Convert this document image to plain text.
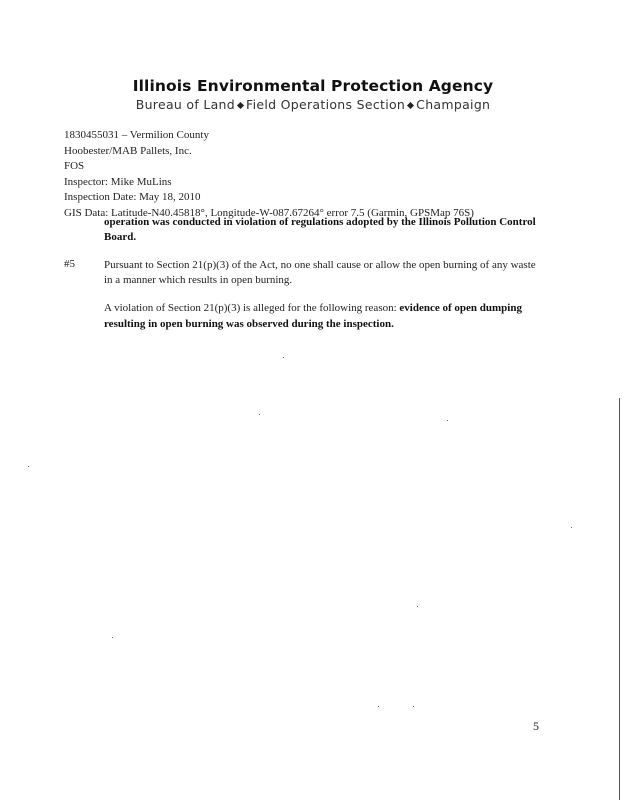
Illinois Environmental Protection Agency
Bureau of Land Field Operations Section Champaign
1830455031 – Vermilion County
Hoobester/MAB Pallets, Inc.
FOS
Inspector: Mike MuLins
Inspection Date: May 18, 2010
GIS Data: Latitude-N40.45818°, Longitude-W-087.67264° error 7.5 (Garmin, GPSMap 76S)
operation was conducted in violation of regulations adopted by the Illinois Pollution Control Board.
#5	Pursuant to Section 21(p)(3) of the Act, no one shall cause or allow the open burning of any waste in a manner which results in open burning.
A violation of Section 21(p)(3) is alleged for the following reason: evidence of open dumping resulting in open burning was observed during the inspection.
5
